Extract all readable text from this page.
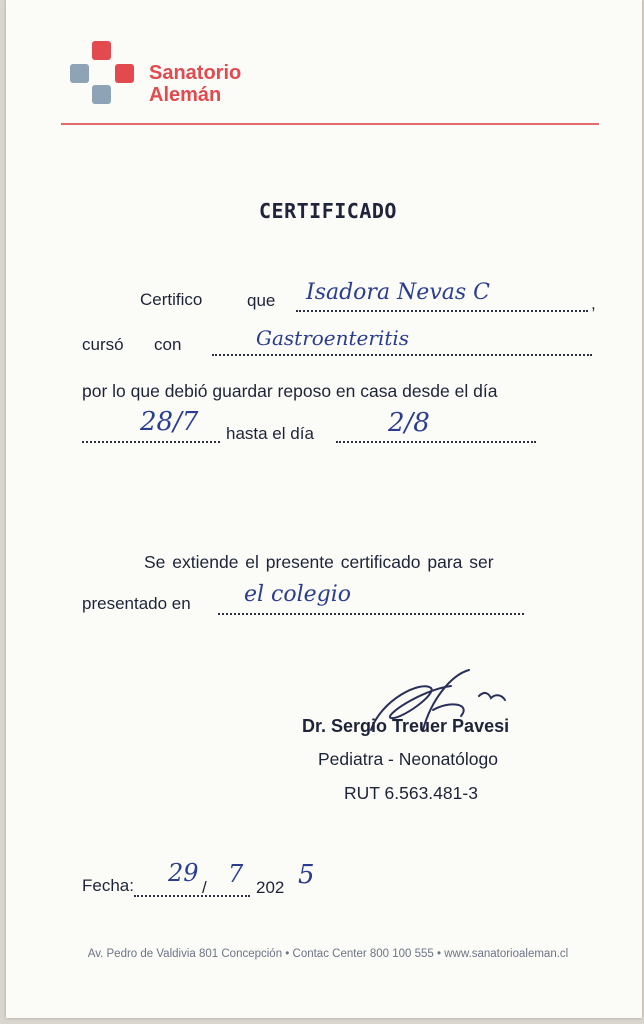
Sanatorio
Alemán
CERTIFICADO
Certifico	que Isadora Nevas C	,
cursó con	Gastroenteritis
por lo que debió guardar reposo en casa desde el día
28/7 hasta el día	2/8
Se extiende el presente certificado para ser
presentado en el colegio
Dr. Sergio Treuer Pavesi
Pediatra - Neonatólogo
RUT 6.563.481-3
Fecha: 29
/ 7 202 5
Av. Pedro de Valdivia 801 Concepción • Contac Center 800 100 555 • www.sanatorioaleman.cl
